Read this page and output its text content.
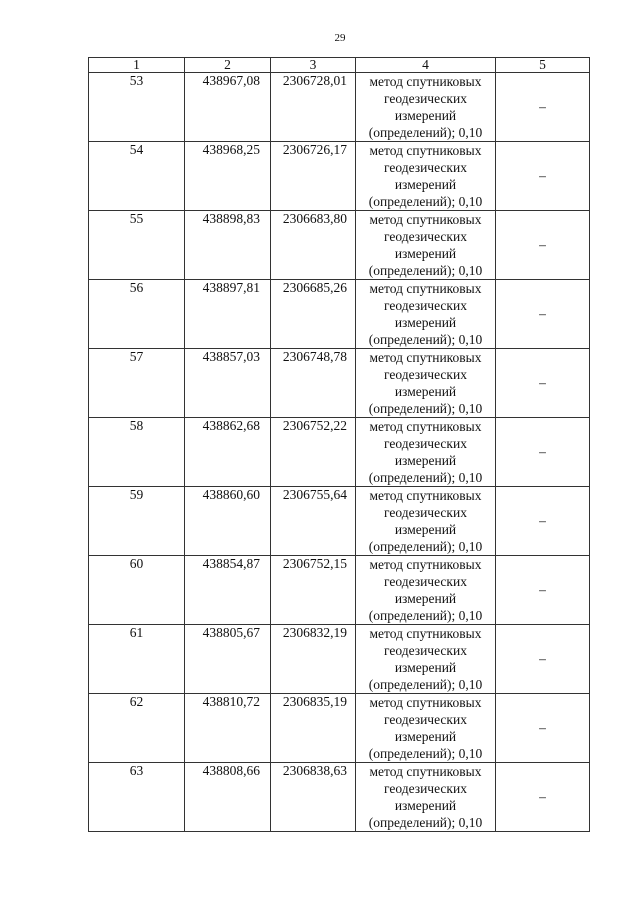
29
1	2	3	4	5
53	438967,08	2306728,01	метод спутниковых
геодезических
измерений
(определений); 0,10	–
54	438968,25	2306726,17	метод спутниковых
геодезических
измерений
(определений); 0,10	–
55	438898,83	2306683,80	метод спутниковых
геодезических
измерений
(определений); 0,10	–
56	438897,81	2306685,26	метод спутниковых
геодезических
измерений
(определений); 0,10	–
57	438857,03	2306748,78	метод спутниковых
геодезических
измерений
(определений); 0,10	–
58	438862,68	2306752,22	метод спутниковых
геодезических
измерений
(определений); 0,10	–
59	438860,60	2306755,64	метод спутниковых
геодезических
измерений
(определений); 0,10	–
60	438854,87	2306752,15	метод спутниковых
геодезических
измерений
(определений); 0,10	–
61	438805,67	2306832,19	метод спутниковых
геодезических
измерений
(определений); 0,10	–
62	438810,72	2306835,19	метод спутниковых
геодезических
измерений
(определений); 0,10	–
63	438808,66	2306838,63	метод спутниковых
геодезических
измерений
(определений); 0,10	–
